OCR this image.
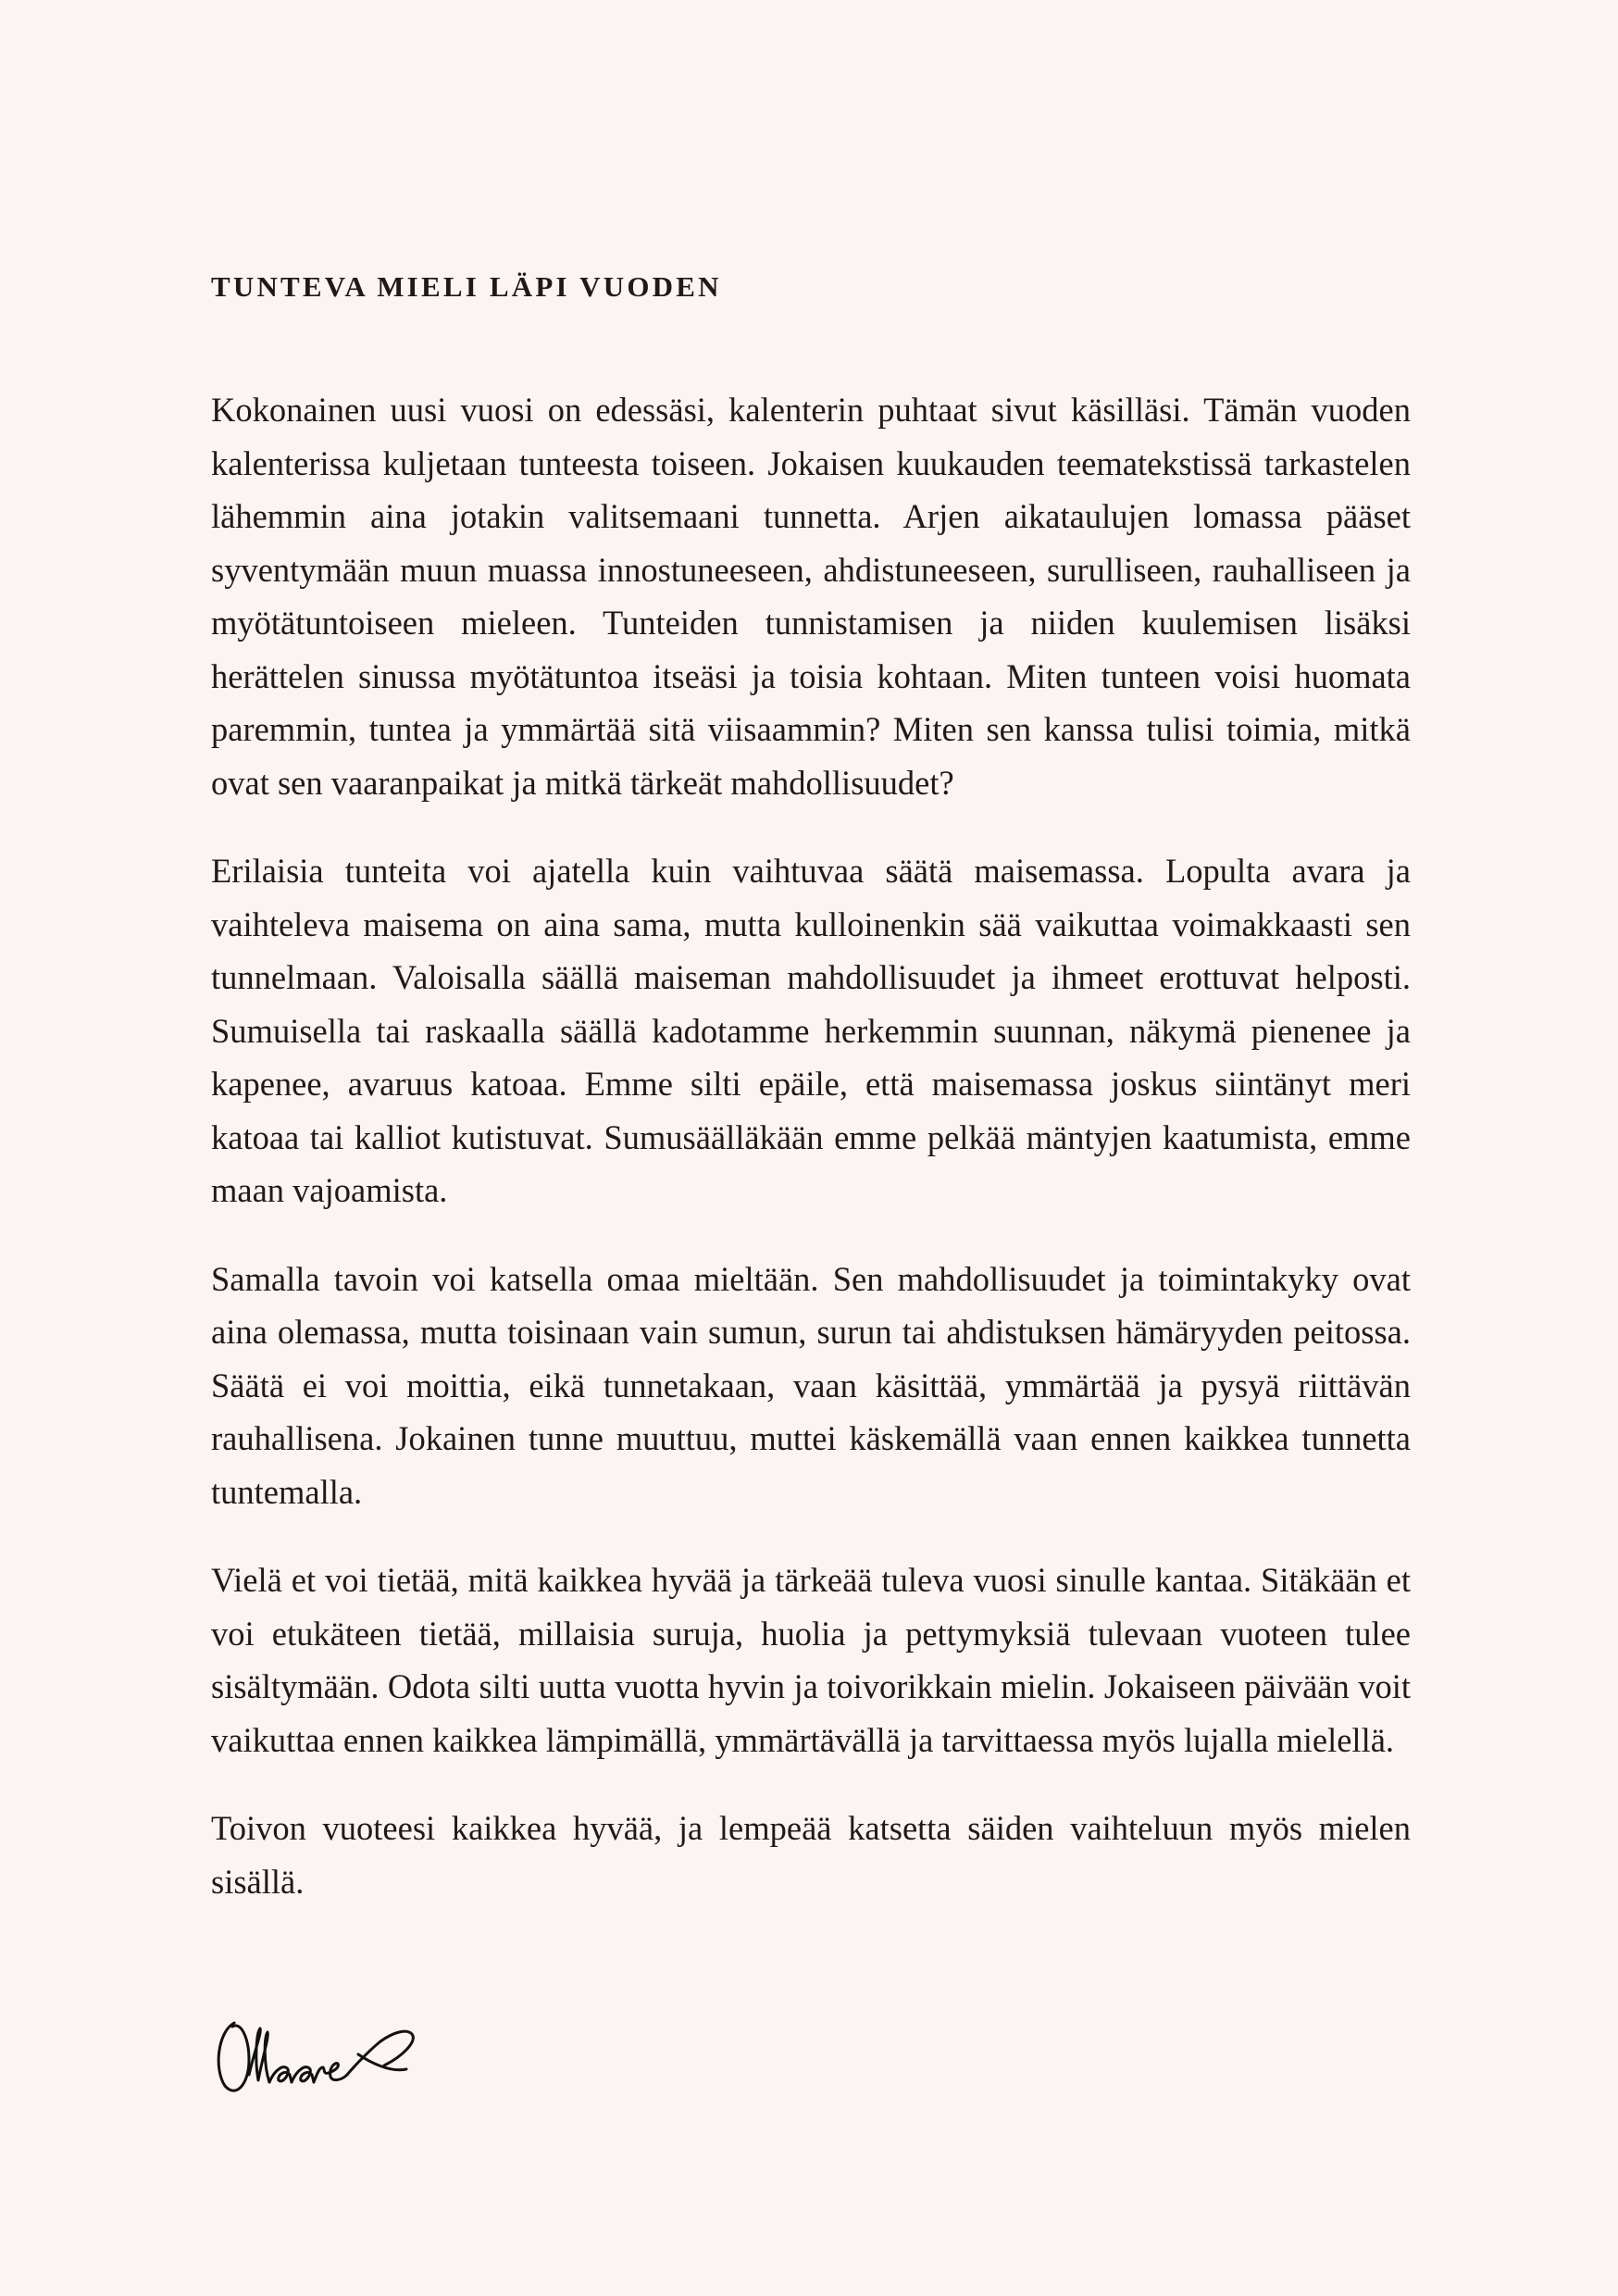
TUNTEVA MIELI LÄPI VUODEN

Kokonainen uusi vuosi on edessäsi, kalenterin puhtaat sivut käsilläsi. Tämän vuoden kalenterissa kuljetaan tunteesta toiseen. Jokaisen kuukauden teematekstissä tarkastelen lähemmin aina jotakin valitsemaani tunnetta. Arjen aikataulujen lomassa pääset syventymään muun muassa innostuneeseen, ahdistuneeseen, surulliseen, rauhalliseen ja myötätuntoiseen mieleen. Tunteiden tunnistamisen ja niiden kuulemisen lisäksi herättelen sinussa myötätuntoa itseäsi ja toisia kohtaan. Miten tunteen voisi huomata paremmin, tuntea ja ymmärtää sitä viisaammin? Miten sen kanssa tulisi toimia, mitkä ovat sen vaaranpaikat ja mitkä tärkeät mahdollisuudet?

Erilaisia tunteita voi ajatella kuin vaihtuvaa säätä maisemassa. Lopulta avara ja vaihteleva maisema on aina sama, mutta kulloinenkin sää vaikuttaa voimakkaasti sen tunnelmaan. Valoisalla säällä maiseman mahdollisuudet ja ihmeet erottuvat helposti. Sumuisella tai raskaalla säällä kadotamme herkemmin suunnan, näkymä pienenee ja kapenee, avaruus katoaa. Emme silti epäile, että maisemassa joskus siintänyt meri katoaa tai kalliot kutistuvat. Sumusäälläkään emme pelkää mäntyjen kaatumista, emme maan vajoamista.

Samalla tavoin voi katsella omaa mieltään. Sen mahdollisuudet ja toimintakyky ovat aina olemassa, mutta toisinaan vain sumun, surun tai ahdistuksen hämäryyden peitossa. Säätä ei voi moittia, eikä tunnetakaan, vaan käsittää, ymmärtää ja pysyä riittävän rauhallisena. Jokainen tunne muuttuu, muttei käskemällä vaan ennen kaikkea tunnetta tuntemalla.

Vielä et voi tietää, mitä kaikkea hyvää ja tärkeää tuleva vuosi sinulle kantaa. Sitäkään et voi etukäteen tietää, millaisia suruja, huolia ja pettymyksiä tulevaan vuoteen tulee sisältymään. Odota silti uutta vuotta hyvin ja toivorikkain mielin. Jokaiseen päivään voit vaikuttaa ennen kaikkea lämpimällä, ymmärtävällä ja tarvittaessa myös lujalla mielellä.

Toivon vuoteesi kaikkea hyvää, ja lempeää katsetta säiden vaihteluun myös mielen sisällä.
